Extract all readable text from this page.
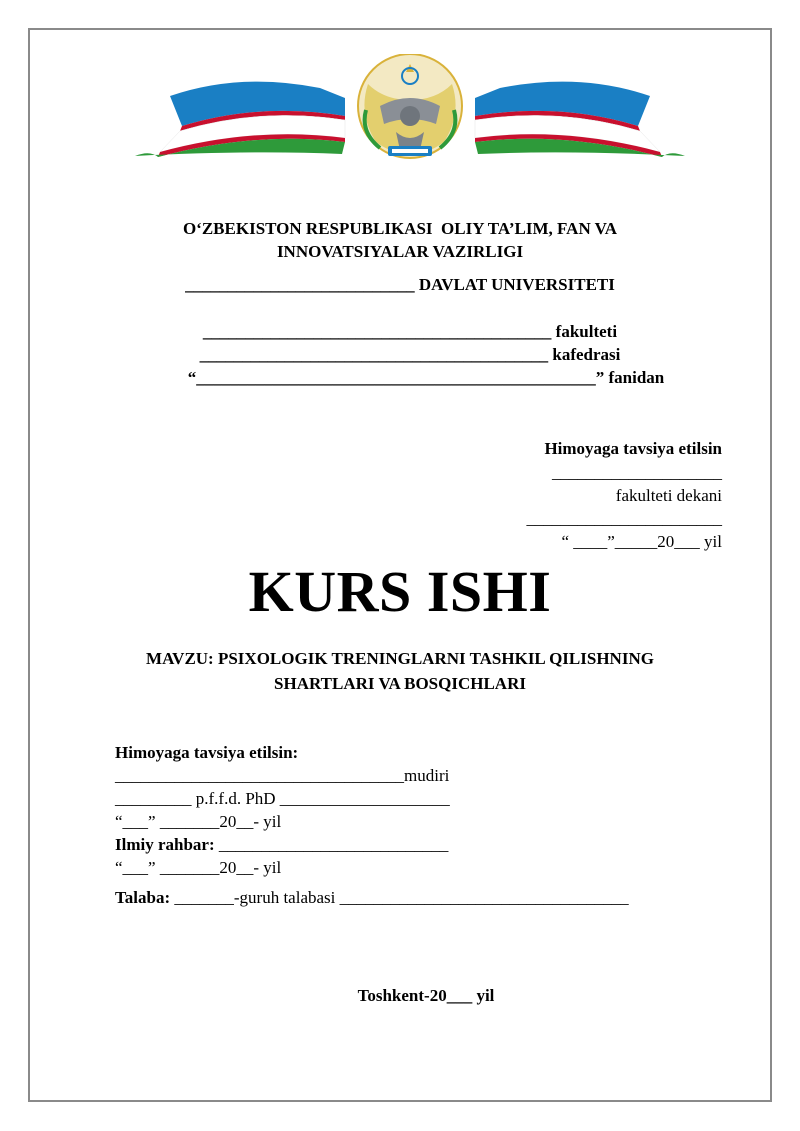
O‘ZBEKISTON RESPUBLIKASI  OLIY TA’LIM, FAN VA
INNOVATSIYALAR VAZIRLIGI
___________________________ DAVLAT UNIVERSITETI
_________________________________________ fakulteti
_________________________________________ kafedrasi
“_______________________________________________” fanidan
Himoyaga tavsiya etilsin
____________________
fakulteti dekani
_______________________
“ ____”_____20___ yil
KURS ISHI
MAVZU: PSIXOLOGIK TRENINGLARNI TASHKIL QILISHNING
SHARTLARI VA BOSQICHLARI
Himoyaga tavsiya etilsin:
__________________________________mudiri
_________ p.f.f.d. PhD ____________________
“___” _______20__- yil
Ilmiy rahbar: ___________________________
“___” _______20__- yil
Talaba: _______-guruh talabasi __________________________________
Toshkent-20___ yil
